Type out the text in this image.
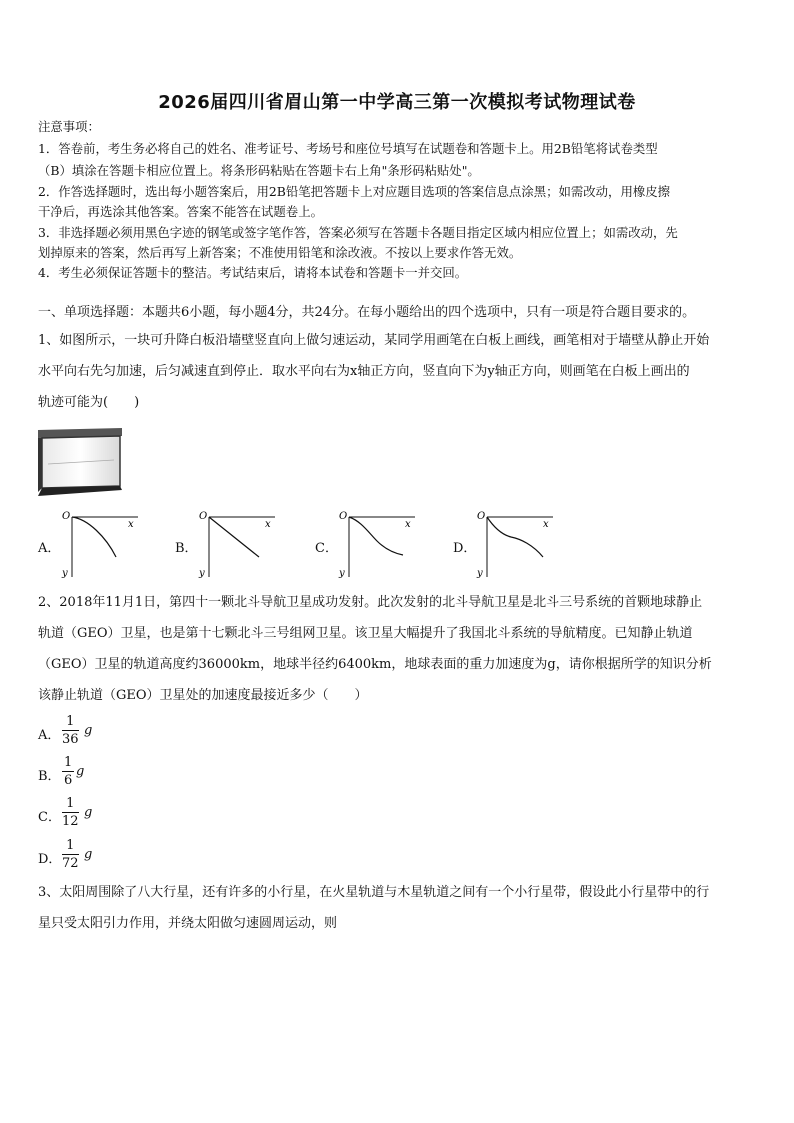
2026届四川省眉山第一中学高三第一次模拟考试物理试卷
注意事项：
1．答卷前，考生务必将自己的姓名、准考证号、考场号和座位号填写在试题卷和答题卡上。用2B铅笔将试卷类型
（B）填涂在答题卡相应位置上。将条形码粘贴在答题卡右上角"条形码粘贴处"。
2．作答选择题时，选出每小题答案后，用2B铅笔把答题卡上对应题目选项的答案信息点涂黑；如需改动，用橡皮擦
干净后，再选涂其他答案。答案不能答在试题卷上。
3．非选择题必须用黑色字迹的钢笔或签字笔作答，答案必须写在答题卡各题目指定区域内相应位置上；如需改动，先
划掉原来的答案，然后再写上新答案；不准使用铅笔和涂改液。不按以上要求作答无效。
4．考生必须保证答题卡的整洁。考试结束后，请将本试卷和答题卡一并交回。
一、单项选择题：本题共6小题，每小题4分，共24分。在每小题给出的四个选项中，只有一项是符合题目要求的。
1、如图所示，一块可升降白板沿墙壁竖直向上做匀速运动，某同学用画笔在白板上画线，画笔相对于墙壁从静止开始
水平向右先匀加速，后匀减速直到停止．取水平向右为x轴正方向，竖直向下为y轴正方向，则画笔在白板上画出的
轨迹可能为(　　)
A．
O
x
y
B．
O
x
y
C．
O
x
y
D．
O
x
y
2、2018年11月1日，第四十一颗北斗导航卫星成功发射。此次发射的北斗导航卫星是北斗三号系统的首颗地球静止
轨道（GEO）卫星，也是第十七颗北斗三号组网卫星。该卫星大幅提升了我国北斗系统的导航精度。已知静止轨道
（GEO）卫星的轨道高度约36000km，地球半径约6400km，地球表面的重力加速度为g，请你根据所学的知识分析
该静止轨道（GEO）卫星处的加速度最接近多少（　　）
A． $\frac{1}{36}$ g
B． $\frac{1}{6}$ g
C． $\frac{1}{12}$ g
D． $\frac{1}{72}$ g
3、太阳周围除了八大行星，还有许多的小行星，在火星轨道与木星轨道之间有一个小行星带，假设此小行星带中的行
星只受太阳引力作用，并绕太阳做匀速圆周运动，则
